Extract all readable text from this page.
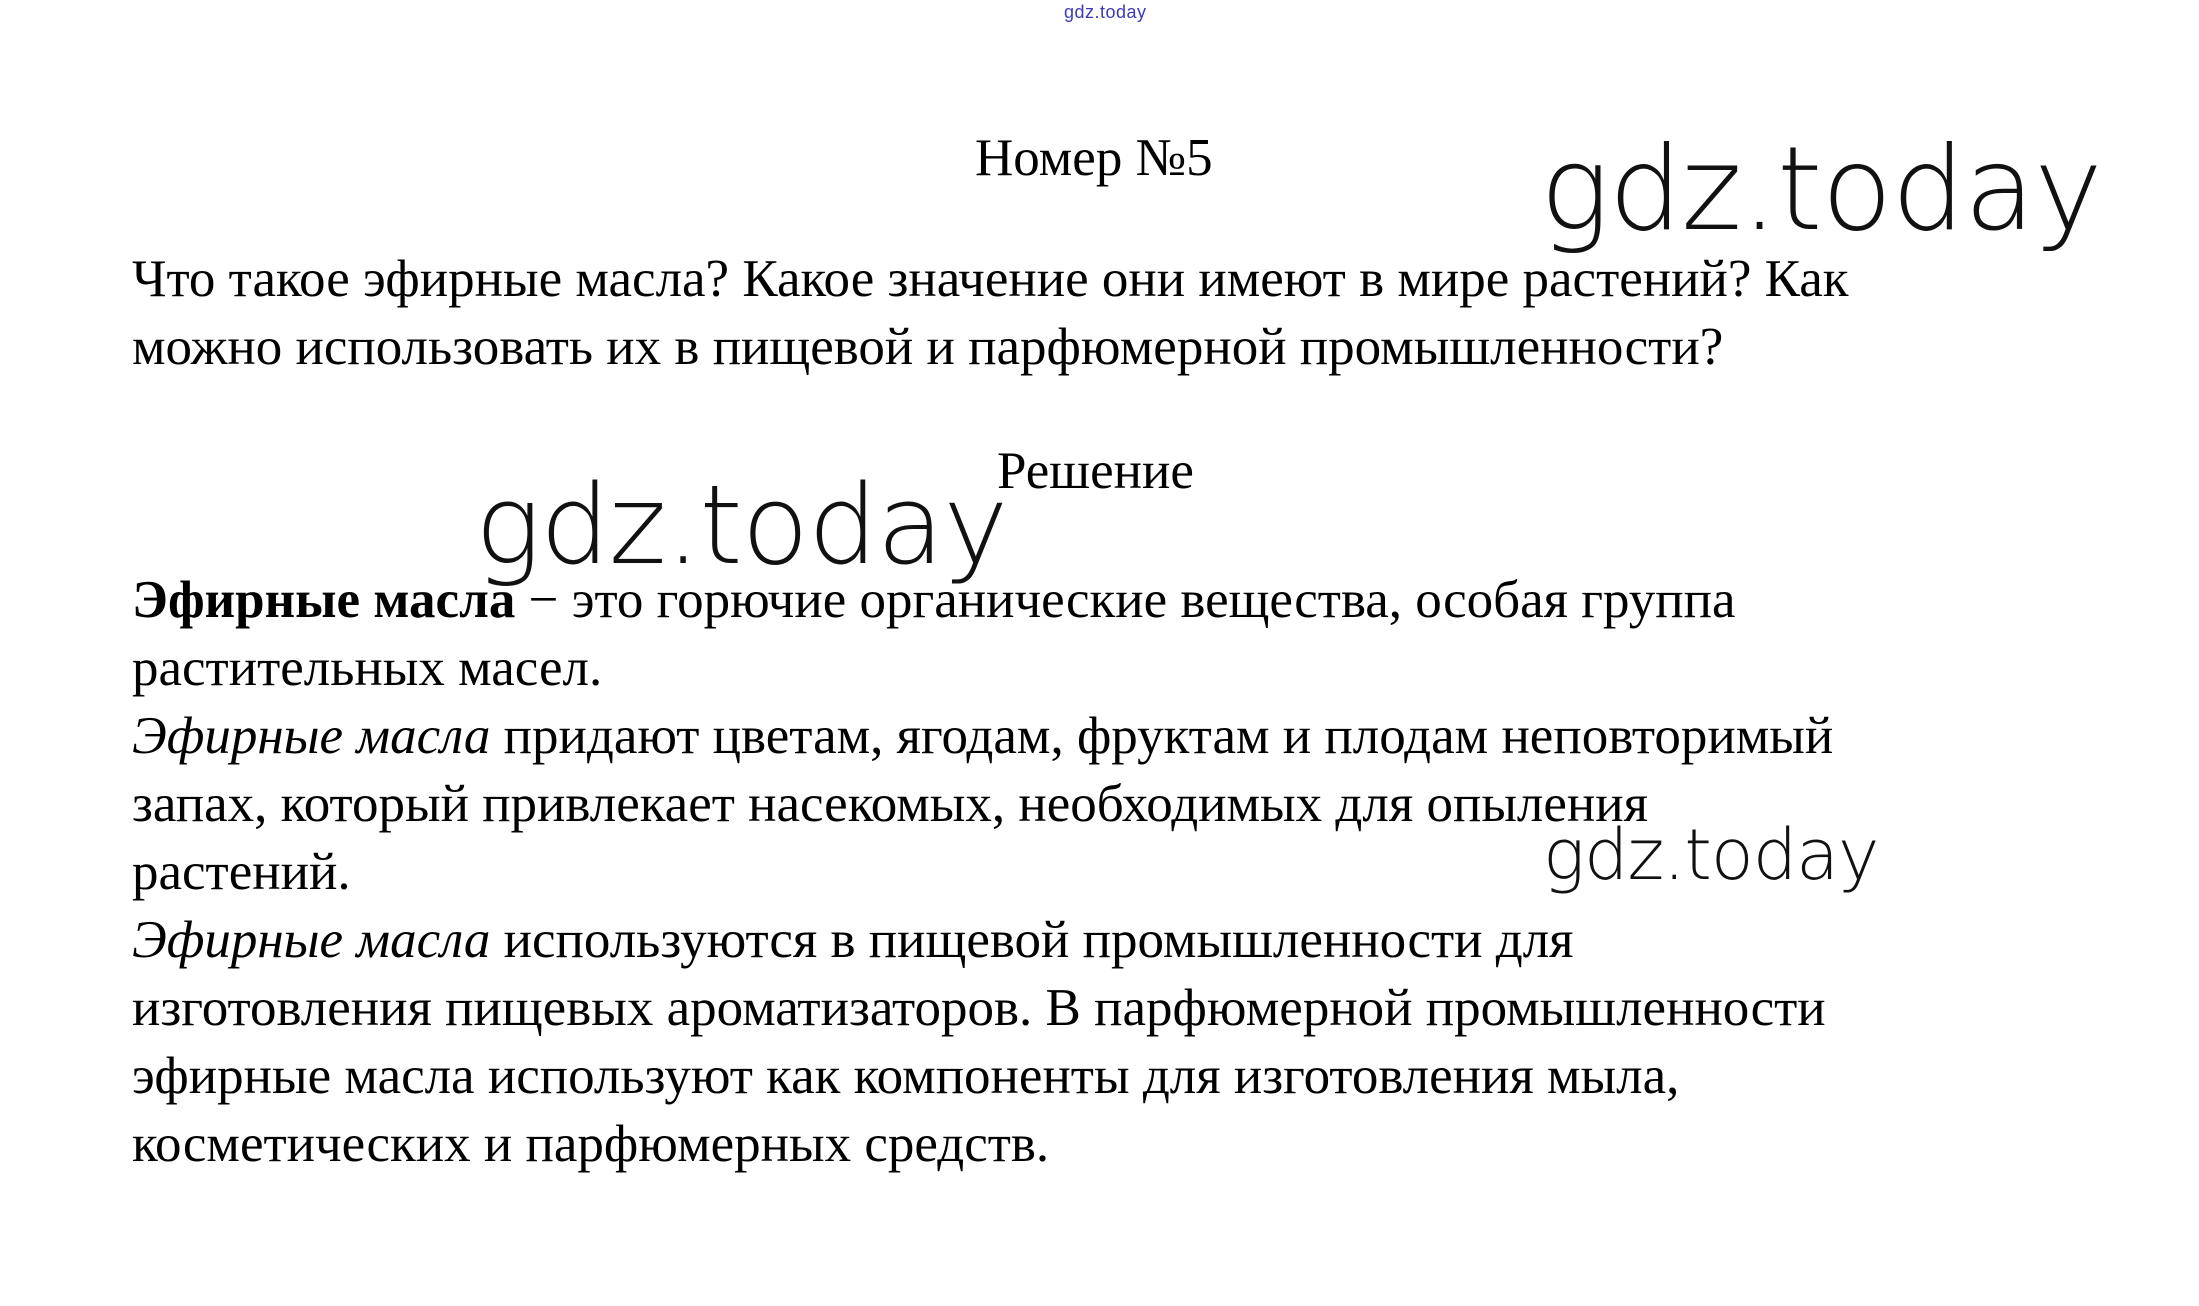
gdz.today
Номер №5
Что такое эфирные масла? Какое значение они имеют в мире растений? Как
можно использовать их в пищевой и парфюмерной промышленности?
Решение

Эфирные масла − это горючие органические вещества, особая группа
растительных масел.

Эфирные масла придают цветам, ягодам, фруктам и плодам неповторимый
запах, который привлекает насекомых, необходимых для опыления
растений.

Эфирные масла используются в пищевой промышленности для
изготовления пищевых ароматизаторов. В парфюмерной промышленности
эфирные масла используют как компоненты для изготовления мыла,
косметических и парфюмерных средств.

gdz.today
gdz.today
gdz.today
